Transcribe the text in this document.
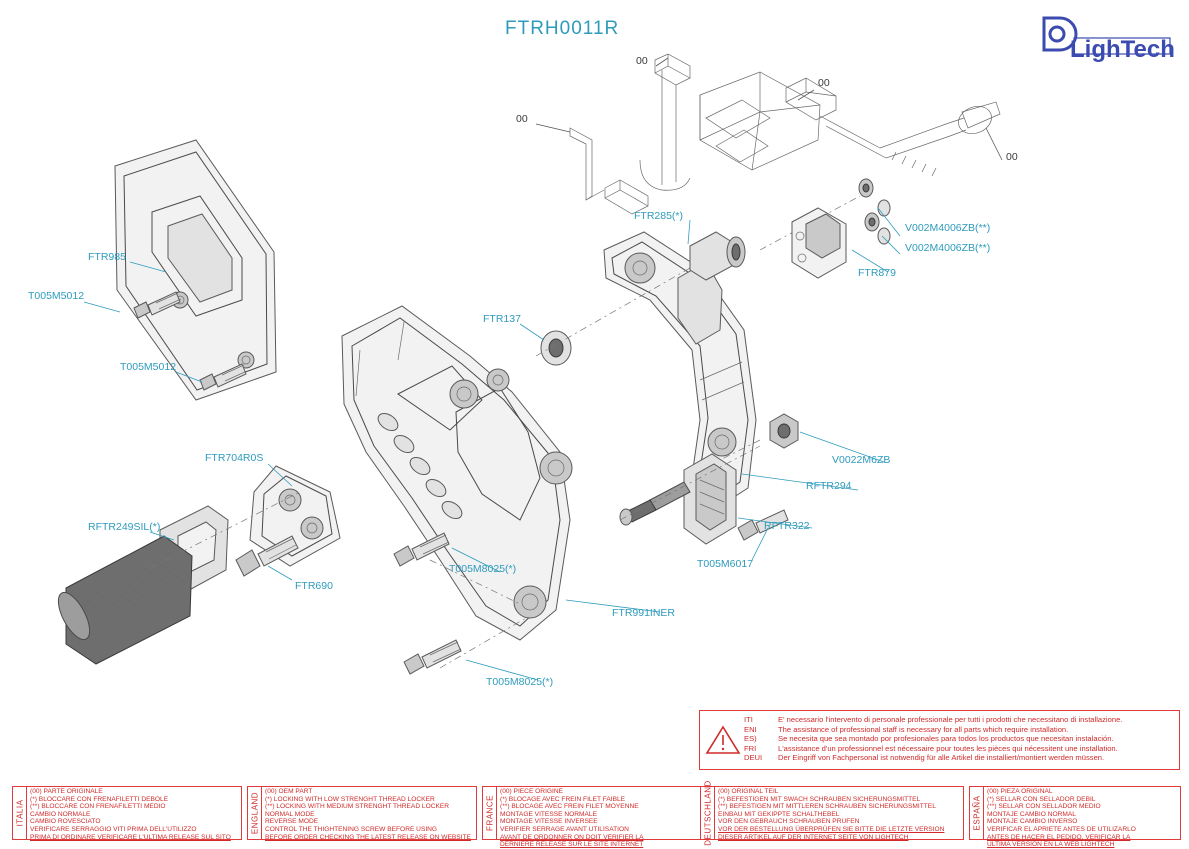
FTRH0011R
LighTech
00
00
00
00
FTR285(*)
V002M4006ZB(**)
V002M4006ZB(**)
FTR879
FTR985
T005M5012
FTR137
T005M5012
V0022M6ZB
FTR704R0S
RFTR294
RFTR249SIL(*)	RFTR322
FTR690
T005M8025(*)	T005M6017
FTR991INER
T005M8025(*)
ITI	E' necessario l'intervento di personale professionale per tutti i prodotti che necessitano di installazione.
ENI	The assistance of professional staff is necessary for all parts which require installation.
ES)	Se necesita que sea montado por profesionales para todos los productos que necesitan instalación.
FRI	L'assistance d'un professionnel est nécessaire pour toutes les pièces qui nécessitent une installation.
DEUI	Der Eingriff von Fachpersonal ist notwendig für alle Artikel die installiert/montiert werden müssen.
ITALIA
(00) PARTE ORIGINALE
(*) BLOCCARE CON FRENAFILETTI DEBOLE
(**) BLOCCARE CON FRENAFILETTI MEDIO
CAMBIO NORMALE
CAMBIO ROVESCIATO
VERIFICARE SERRAGGIO VITI PRIMA DELL'UTILIZZO
PRIMA DI ORDINARE VERIFICARE L'ULTIMA RELEASE SUL SITO
ENGLAND
(00) OEM PART
(*) LOCKING WITH LOW STRENGHT THREAD LOCKER
(**) LOCKING WITH MEDIUM STRENGHT THREAD LOCKER
NORMAL MODE
REVERSE MODE
CONTROL THE THIGHTENING SCREW BEFORE USING
BEFORE ORDER CHECKING THE LATEST RELEASE ON WEBSITE
FRANCE
(00) PIECE ORIGINE
(*) BLOCAGE AVEC FREIN FILET FAIBLE
(**) BLOCAGE AVEC FREIN FILET MOYENNE
MONTAGE VITESSE NORMALE
MONTAGE VITESSE INVERSEE
VERIFIER SERRAGE AVANT UTILISATION
AVANT DE ORDONNER ON DOIT VERIFIER LA
DERNIERE RELEASE SUR LE SITE INTERNET	DEUTSCHLAND (00) ORIGINAL TEIL
(*) BEFESTIGEN MIT SWACH SCHRAUBEN SICHERUNGSMITTEL
(**) BEFESTIGEN MIT MITTLEREN SCHRAUBEN SICHERUNGSMITTEL
EINBAU MIT GEKIPPTE SCHALTHEBEL
VOR DEN GEBRAUCH SCHRAUBEN PRUFEN
VOR DER BESTELLUNG ÜBERPRÜFEN SIE BITTE DIE LETZTE VERSION
DIESER ARTIKEL AUF DER INTERNET SEITE VON LIGHTECH
ESPAÑA
(00) PIEZA ORIGINAL
(*) SELLAR CON SELLADOR DEBIL
(**) SELLAR CON SELLADOR MEDIO
MONTAJE CAMBIO NORMAL
MONTAJE CAMBIO INVERSO
VERIFICAR EL APRIETE ANTES DE UTILIZARLO
ANTES DE HACER EL PEDIDO, VERIFICAR LA
ULTIMA VERSION EN LA WEB LIGHTECH
